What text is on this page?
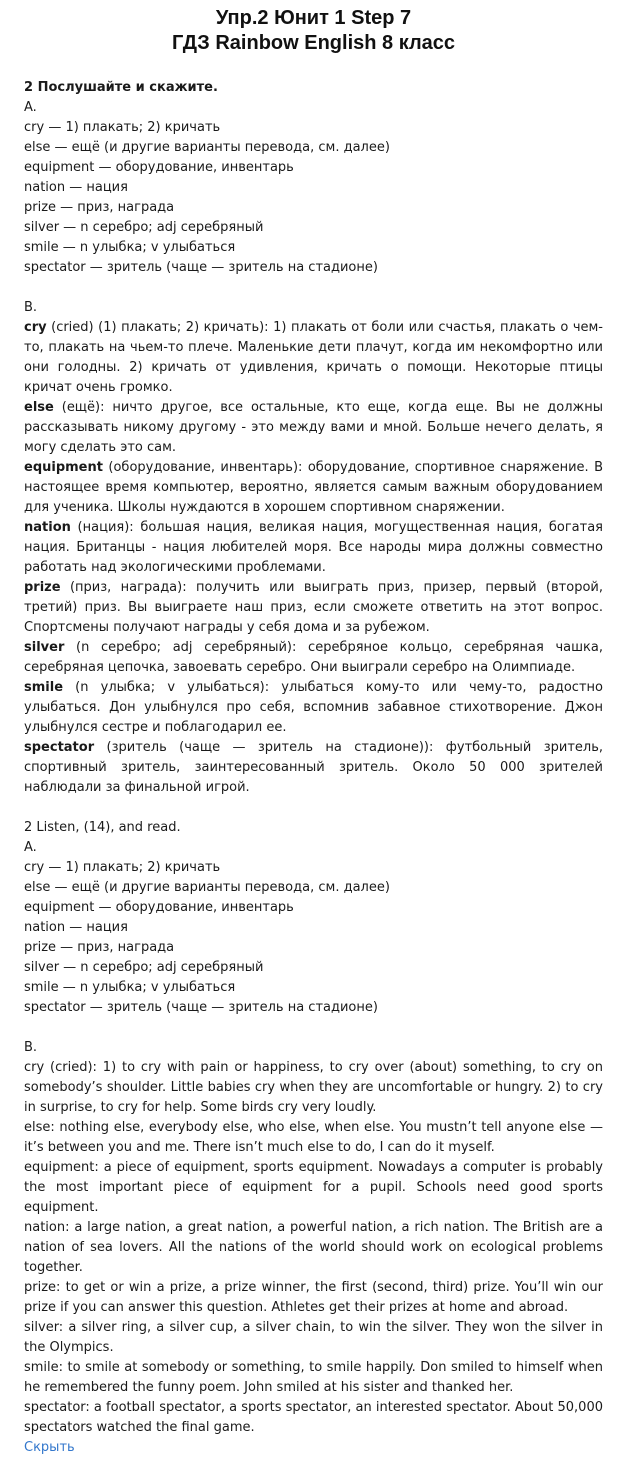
Упр.2 Юнит 1 Step 7
ГДЗ Rainbow English 8 класс

2 Послушайте и скажите.

A.

cry — 1) плакать; 2) кричать

else — ещё (и другие варианты перевода, см. далее)

equipment — оборудование, инвентарь

nation — нация

prize — приз, награда

silver — n серебро; adj серебряный

smile — n улыбка; v улыбаться

spectator — зритель (чаще — зритель на стадионе)

B.

cry (cried) (1) плакать; 2) кричать): 1) плакать от боли или счастья, плакать о чем-то, плакать на чьем-то плече. Маленькие дети плачут, когда им некомфортно или они голодны. 2) кричать от удивления, кричать о помощи. Некоторые птицы кричат очень громко.

else (ещё): ничто другое, все остальные, кто еще, когда еще. Вы не должны рассказывать никому другому - это между вами и мной. Больше нечего делать, я могу сделать это сам.

equipment (оборудование, инвентарь): оборудование, спортивное снаряжение. В настоящее время компьютер, вероятно, является самым важным оборудованием для ученика. Школы нуждаются в хорошем спортивном снаряжении.

nation (нация): большая нация, великая нация, могущественная нация, богатая нация. Британцы - нация любителей моря. Все народы мира должны совместно работать над экологическими проблемами.

prize (приз, награда): получить или выиграть приз, призер, первый (второй, третий) приз. Вы выиграете наш приз, если сможете ответить на этот вопрос. Спортсмены получают награды у себя дома и за рубежом.

silver (n серебро; adj серебряный): серебряное кольцо, серебряная чашка, серебряная цепочка, завоевать серебро. Они выиграли серебро на Олимпиаде.

smile (n улыбка; v улыбаться): улыбаться кому-то или чему-то, радостно улыбаться. Дон улыбнулся про себя, вспомнив забавное стихотворение. Джон улыбнулся сестре и поблагодарил ее.

spectator (зритель (чаще — зритель на стадионе)): футбольный зритель, спортивный зритель, заинтересованный зритель. Около 50 000 зрителей наблюдали за финальной игрой.

2 Listen, (14), and read.

A.

cry — 1) плакать; 2) кричать

else — ещё (и другие варианты перевода, см. далее)

equipment — оборудование, инвентарь

nation — нация

prize — приз, награда

silver — n серебро; adj серебряный

smile — n улыбка; v улыбаться

spectator — зритель (чаще — зритель на стадионе)

B.

cry (cried): 1) to cry with pain or happiness, to cry over (about) something, to cry on somebody’s shoulder. Little babies cry when they are uncomfortable or hungry. 2) to cry in surprise, to cry for help. Some birds cry very loudly.

else: nothing else, everybody else, who else, when else. You mustn’t tell anyone else — it’s between you and me. There isn’t much else to do, I can do it myself.

equipment: a piece of equipment, sports equipment. Nowadays a computer is probably the most important piece of equipment for a pupil. Schools need good sports equipment.

nation: a large nation, a great nation, a powerful nation, a rich nation. The British are a nation of sea lovers. All the nations of the world should work on ecological problems together.

prize: to get or win a prize, a prize winner, the first (second, third) prize. You’ll win our prize if you can answer this question. Athletes get their prizes at home and abroad.

silver: a silver ring, a silver cup, a silver chain, to win the silver. They won the silver in the Olympics.

smile: to smile at somebody or something, to smile happily. Don smiled to himself when he remembered the funny poem. John smiled at his sister and thanked her.

spectator: a football spectator, a sports spectator, an interested spectator. About 50,000 spectators watched the final game.

Скрыть
